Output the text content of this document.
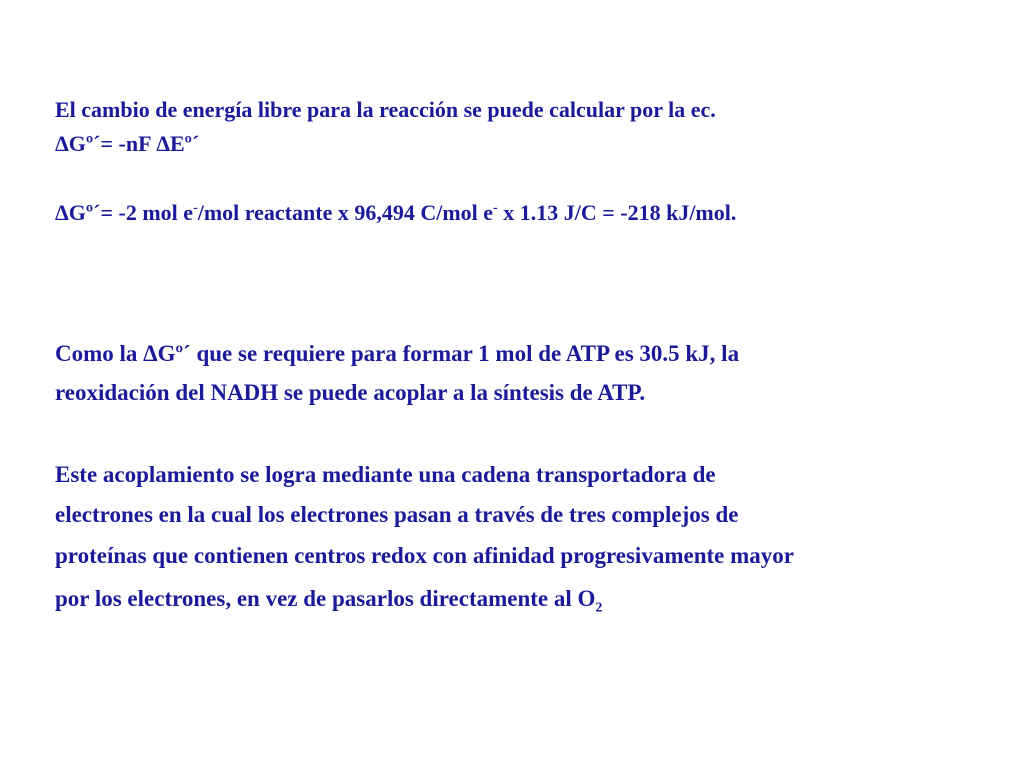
El cambio de energía libre para la reacción se puede calcular por la ec.
ΔGº´= -nF ΔEº´
ΔGº´= -2 mol e-/mol reactante x 96,494 C/mol e- x 1.13 J/C = -218 kJ/mol.
Como la ΔGº´ que se requiere para formar 1 mol de ATP es 30.5 kJ, la
reoxidación del NADH se puede acoplar a la síntesis de ATP.
Este acoplamiento se logra mediante una cadena transportadora de
electrones en la cual los electrones pasan a través de tres complejos de
proteínas que contienen centros redox con afinidad progresivamente mayor
por los electrones, en vez de pasarlos directamente al $O_2$
